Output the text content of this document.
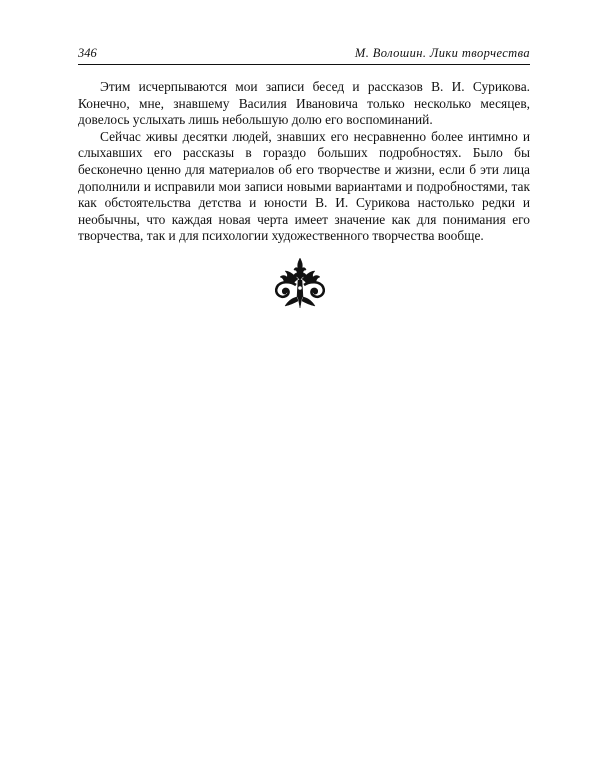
346	М. Волошин. Лики творчества

Этим исчерпываются мои записи бесед и рассказов В. И. Сурикова. Конечно, мне, знавшему Василия Ивановича только несколько месяцев, довелось услыхать лишь небольшую долю его воспоминаний.

Сейчас живы десятки людей, знавших его несравненно более интимно и слыхавших его рассказы в гораздо больших подробностях. Было бы бесконечно ценно для материалов об его творчестве и жизни, если б эти лица дополнили и исправили мои записи новыми вариантами и подробностями, так как обстоятельства детства и юности В. И. Сурикова настолько редки и необычны, что каждая новая черта имеет значение как для понимания его творчества, так и для психологии художественного творчества вообще.
